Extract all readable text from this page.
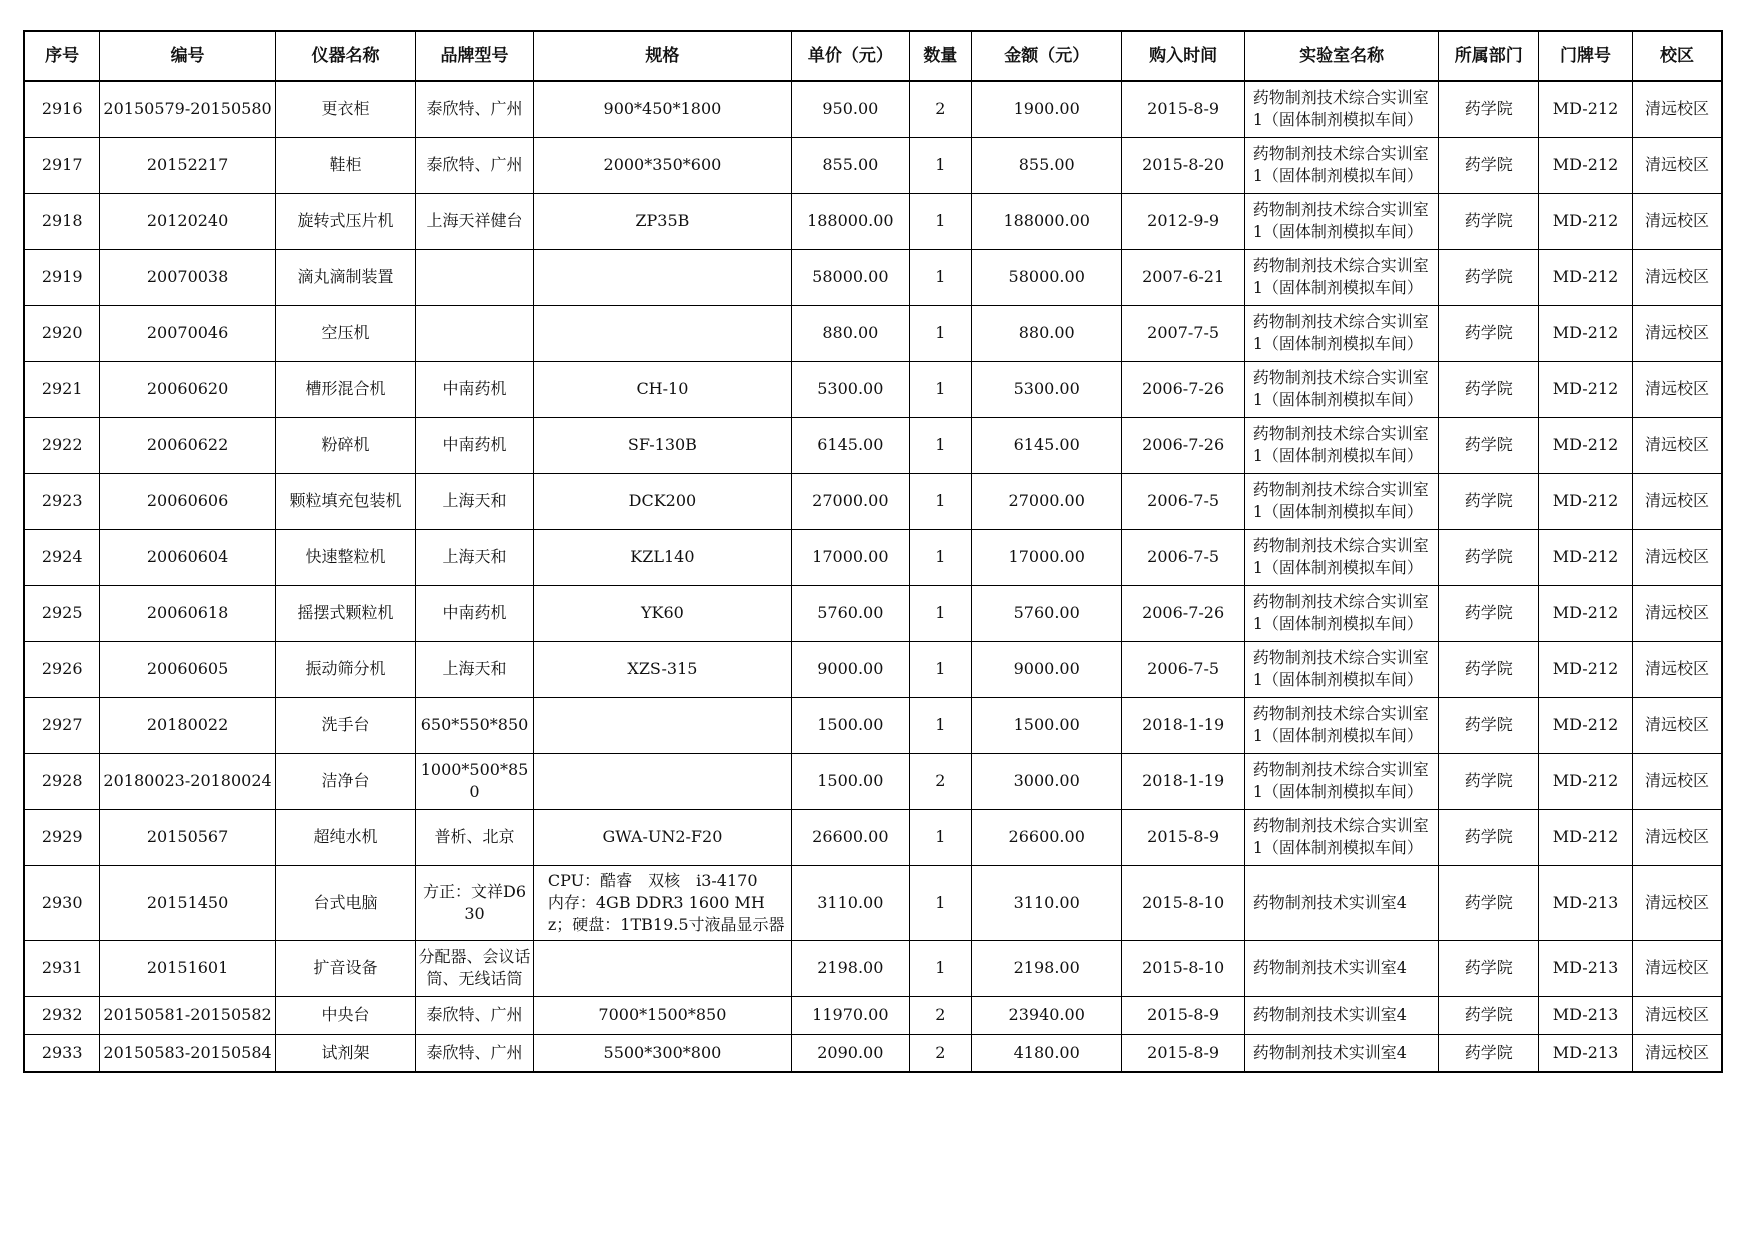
序号	编号	仪器名称	品牌型号	规格	单价（元）	数量	金额（元）	购入时间	实验室名称	所属部门	门牌号	校区

2916	20150579-20150580	更衣柜	泰欣特、广州	900*450*1800	950.00	2	1900.00	2015-8-9	药物制剂技术综合实训室1（固体制剂模拟车间）	药学院	MD-212	清远校区

2917	20152217	鞋柜	泰欣特、广州	2000*350*600	855.00	1	855.00	2015-8-20	药物制剂技术综合实训室1（固体制剂模拟车间）	药学院	MD-212	清远校区

2918	20120240	旋转式压片机	上海天祥健台	ZP35B	188000.00	1	188000.00	2012-9-9	药物制剂技术综合实训室1（固体制剂模拟车间）	药学院	MD-212	清远校区

2919	20070038	滴丸滴制装置			58000.00	1	58000.00	2007-6-21	药物制剂技术综合实训室1（固体制剂模拟车间）	药学院	MD-212	清远校区

2920	20070046	空压机			880.00	1	880.00	2007-7-5	药物制剂技术综合实训室1（固体制剂模拟车间）	药学院	MD-212	清远校区

2921	20060620	槽形混合机	中南药机	CH-10	5300.00	1	5300.00	2006-7-26	药物制剂技术综合实训室1（固体制剂模拟车间）	药学院	MD-212	清远校区

2922	20060622	粉碎机	中南药机	SF-130B	6145.00	1	6145.00	2006-7-26	药物制剂技术综合实训室1（固体制剂模拟车间）	药学院	MD-212	清远校区

2923	20060606	颗粒填充包装机	上海天和	DCK200	27000.00	1	27000.00	2006-7-5	药物制剂技术综合实训室1（固体制剂模拟车间）	药学院	MD-212	清远校区

2924	20060604	快速整粒机	上海天和	KZL140	17000.00	1	17000.00	2006-7-5	药物制剂技术综合实训室1（固体制剂模拟车间）	药学院	MD-212	清远校区

2925	20060618	摇摆式颗粒机	中南药机	YK60	5760.00	1	5760.00	2006-7-26	药物制剂技术综合实训室1（固体制剂模拟车间）	药学院	MD-212	清远校区

2926	20060605	振动筛分机	上海天和	XZS-315	9000.00	1	9000.00	2006-7-5	药物制剂技术综合实训室1（固体制剂模拟车间）	药学院	MD-212	清远校区

2927	20180022	洗手台	650*550*850		1500.00	1	1500.00	2018-1-19	药物制剂技术综合实训室1（固体制剂模拟车间）	药学院	MD-212	清远校区

2928	20180023-20180024	洁净台	1000*500*850		1500.00	2	3000.00	2018-1-19	药物制剂技术综合实训室1（固体制剂模拟车间）	药学院	MD-212	清远校区

2929	20150567	超纯水机	普析、北京	GWA-UN2-F20	26600.00	1	26600.00	2015-8-9	药物制剂技术综合实训室1（固体制剂模拟车间）	药学院	MD-212	清远校区

2930	20151450	台式电脑	方正：文祥D630	CPU：酷睿　双核　i3-4170　内存：4GB DDR3 1600 MHz；硬盘：1TB19.5寸液晶显示器	3110.00	1	3110.00	2015-8-10	药物制剂技术实训室4	药学院	MD-213	清远校区

2931	20151601	扩音设备	分配器、会议话筒、无线话筒		2198.00	1	2198.00	2015-8-10	药物制剂技术实训室4	药学院	MD-213	清远校区

2932	20150581-20150582	中央台	泰欣特、广州	7000*1500*850	11970.00	2	23940.00	2015-8-9	药物制剂技术实训室4	药学院	MD-213	清远校区

2933	20150583-20150584	试剂架	泰欣特、广州	5500*300*800	2090.00	2	4180.00	2015-8-9	药物制剂技术实训室4	药学院	MD-213	清远校区
